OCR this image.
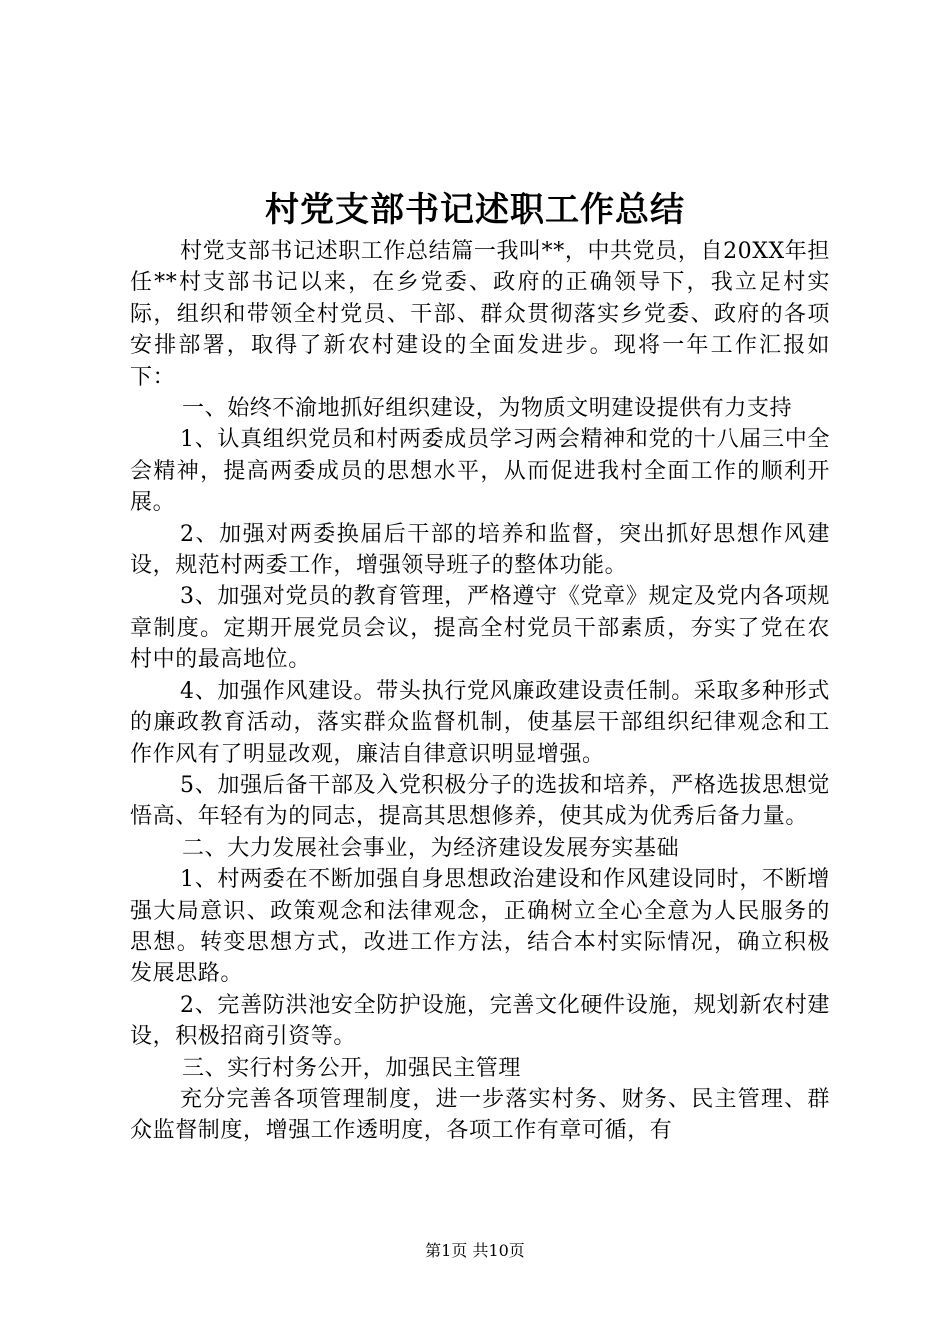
村党支部书记述职工作总结

村党支部书记述职工作总结篇一我叫**，中共党员，自20XX年担任**村支部书记以来，在乡党委、政府的正确领导下，我立足村实际，组织和带领全村党员、干部、群众贯彻落实乡党委、政府的各项安排部署，取得了新农村建设的全面发进步。现将一年工作汇报如下：

一、始终不渝地抓好组织建设，为物质文明建设提供有力支持

1、认真组织党员和村两委成员学习两会精神和党的十八届三中全会精神，提高两委成员的思想水平，从而促进我村全面工作的顺利开展。

2、加强对两委换届后干部的培养和监督，突出抓好思想作风建设，规范村两委工作，增强领导班子的整体功能。

3、加强对党员的教育管理，严格遵守《党章》规定及党内各项规章制度。定期开展党员会议，提高全村党员干部素质，夯实了党在农村中的最高地位。

4、加强作风建设。带头执行党风廉政建设责任制。采取多种形式的廉政教育活动，落实群众监督机制，使基层干部组织纪律观念和工作作风有了明显改观，廉洁自律意识明显增强。

5、加强后备干部及入党积极分子的选拔和培养，严格选拔思想觉悟高、年轻有为的同志，提高其思想修养，使其成为优秀后备力量。

二、大力发展社会事业，为经济建设发展夯实基础

1、村两委在不断加强自身思想政治建设和作风建设同时，不断增强大局意识、政策观念和法律观念，正确树立全心全意为人民服务的思想。转变思想方式，改进工作方法，结合本村实际情况，确立积极发展思路。

2、完善防洪池安全防护设施，完善文化硬件设施，规划新农村建设，积极招商引资等。

三、实行村务公开，加强民主管理

充分完善各项管理制度，进一步落实村务、财务、民主管理、群众监督制度，增强工作透明度，各项工作有章可循，有

第1页 共10页
